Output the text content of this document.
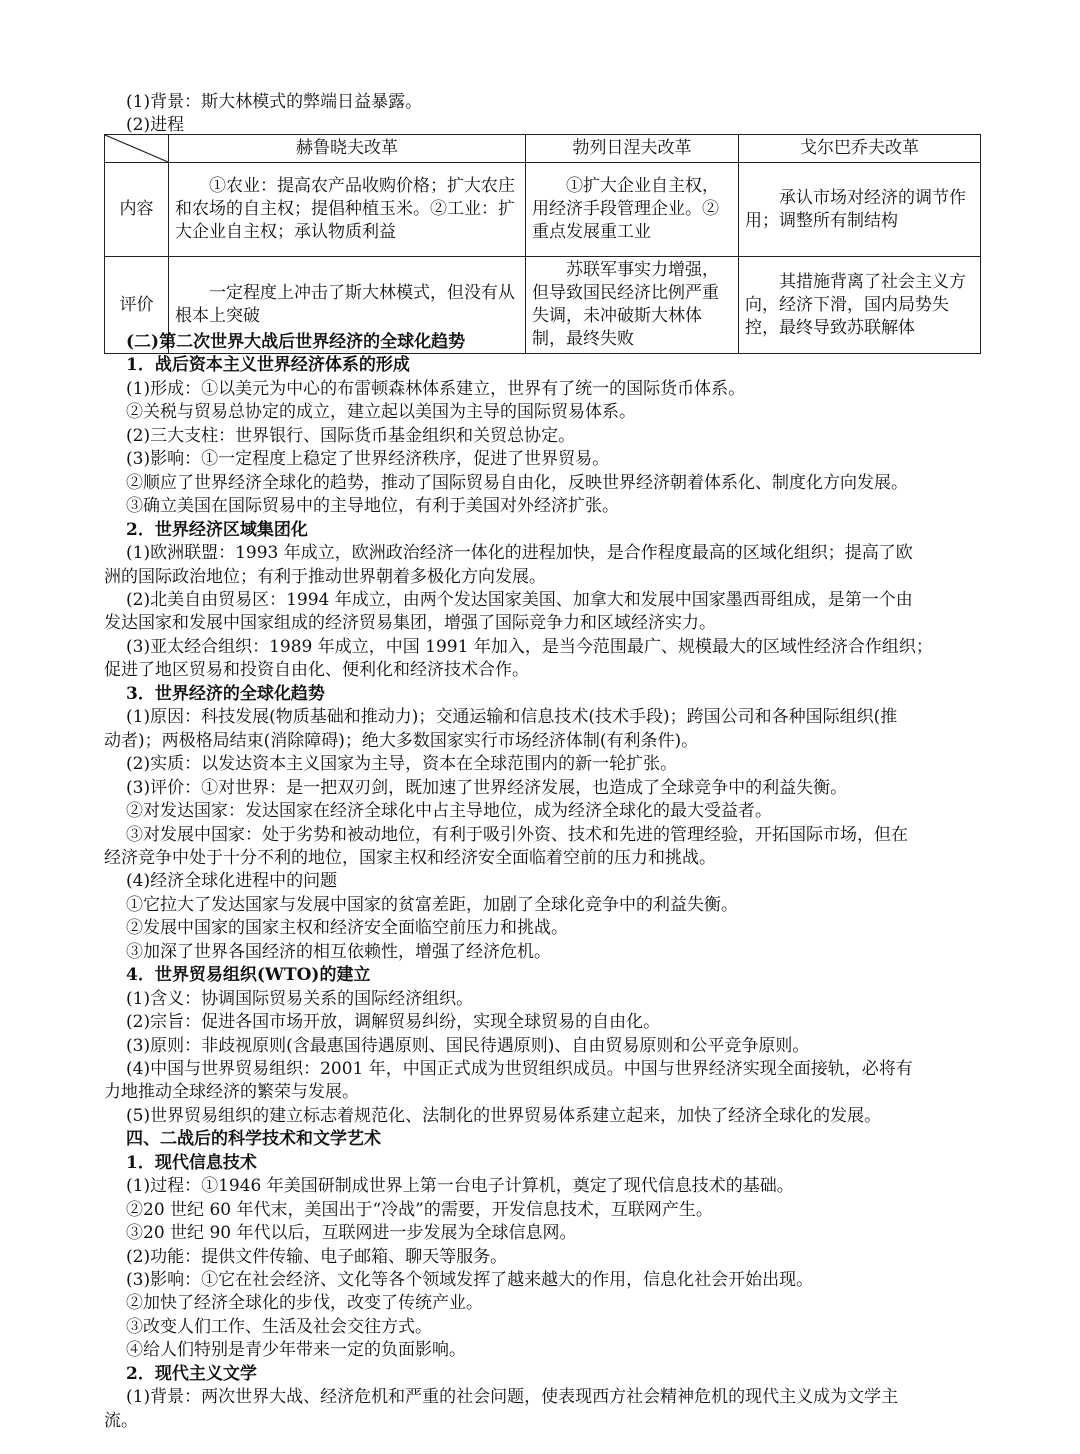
(1)背景：斯大林模式的弊端日益暴露。
(2)进程
	赫鲁晓夫改革	勃列日涅夫改革	戈尔巴乔夫改革
内容	①农业：提高农产品收购价格；扩大农庄和农场的自主权；提倡种植玉米。②工业：扩大企业自主权；承认物质利益	①扩大企业自主权，用经济手段管理企业。②重点发展重工业	承认市场对经济的调节作用；调整所有制结构
评价	一定程度上冲击了斯大林模式，但没有从根本上突破	苏联军事实力增强，但导致国民经济比例严重失调，未冲破斯大林体制，最终失败	其措施背离了社会主义方向，经济下滑，国内局势失控，最终导致苏联解体
(二)第二次世界大战后世界经济的全球化趋势
1．战后资本主义世界经济体系的形成
(1)形成：①以美元为中心的布雷顿森林体系建立，世界有了统一的国际货币体系。
②关税与贸易总协定的成立，建立起以美国为主导的国际贸易体系。
(2)三大支柱：世界银行、国际货币基金组织和关贸总协定。
(3)影响：①一定程度上稳定了世界经济秩序，促进了世界贸易。
②顺应了世界经济全球化的趋势，推动了国际贸易自由化，反映世界经济朝着体系化、制度化方向发展。
③确立美国在国际贸易中的主导地位，有利于美国对外经济扩张。
2．世界经济区域集团化
(1)欧洲联盟：1993 年成立，欧洲政治经济一体化的进程加快，是合作程度最高的区域化组织；提高了欧
洲的国际政治地位；有利于推动世界朝着多极化方向发展。
(2)北美自由贸易区：1994 年成立，由两个发达国家美国、加拿大和发展中国家墨西哥组成，是第一个由
发达国家和发展中国家组成的经济贸易集团，增强了国际竞争力和区域经济实力。
(3)亚太经合组织：1989 年成立，中国 1991 年加入，是当今范围最广、规模最大的区域性经济合作组织；
促进了地区贸易和投资自由化、便利化和经济技术合作。
3．世界经济的全球化趋势
(1)原因：科技发展(物质基础和推动力)；交通运输和信息技术(技术手段)；跨国公司和各种国际组织(推
动者)；两极格局结束(消除障碍)；绝大多数国家实行市场经济体制(有利条件)。
(2)实质：以发达资本主义国家为主导，资本在全球范围内的新一轮扩张。
(3)评价：①对世界：是一把双刃剑，既加速了世界经济发展，也造成了全球竞争中的利益失衡。
②对发达国家：发达国家在经济全球化中占主导地位，成为经济全球化的最大受益者。
③对发展中国家：处于劣势和被动地位，有利于吸引外资、技术和先进的管理经验，开拓国际市场，但在
经济竞争中处于十分不利的地位，国家主权和经济安全面临着空前的压力和挑战。
(4)经济全球化进程中的问题
①它拉大了发达国家与发展中国家的贫富差距，加剧了全球化竞争中的利益失衡。
②发展中国家的国家主权和经济安全面临空前压力和挑战。
③加深了世界各国经济的相互依赖性，增强了经济危机。
4．世界贸易组织(WTO)的建立
(1)含义：协调国际贸易关系的国际经济组织。
(2)宗旨：促进各国市场开放，调解贸易纠纷，实现全球贸易的自由化。
(3)原则：非歧视原则(含最惠国待遇原则、国民待遇原则)、自由贸易原则和公平竞争原则。
(4)中国与世界贸易组织：2001 年，中国正式成为世贸组织成员。中国与世界经济实现全面接轨，必将有
力地推动全球经济的繁荣与发展。
(5)世界贸易组织的建立标志着规范化、法制化的世界贸易体系建立起来，加快了经济全球化的发展。
四、二战后的科学技术和文学艺术
1．现代信息技术
(1)过程：①1946 年美国研制成世界上第一台电子计算机，奠定了现代信息技术的基础。
②20 世纪 60 年代末，美国出于“冷战”的需要，开发信息技术，互联网产生。
③20 世纪 90 年代以后，互联网进一步发展为全球信息网。
(2)功能：提供文件传输、电子邮箱、聊天等服务。
(3)影响：①它在社会经济、文化等各个领域发挥了越来越大的作用，信息化社会开始出现。
②加快了经济全球化的步伐，改变了传统产业。
③改变人们工作、生活及社会交往方式。
④给人们特别是青少年带来一定的负面影响。
2．现代主义文学
(1)背景：两次世界大战、经济危机和严重的社会问题，使表现西方社会精神危机的现代主义成为文学主
流。
